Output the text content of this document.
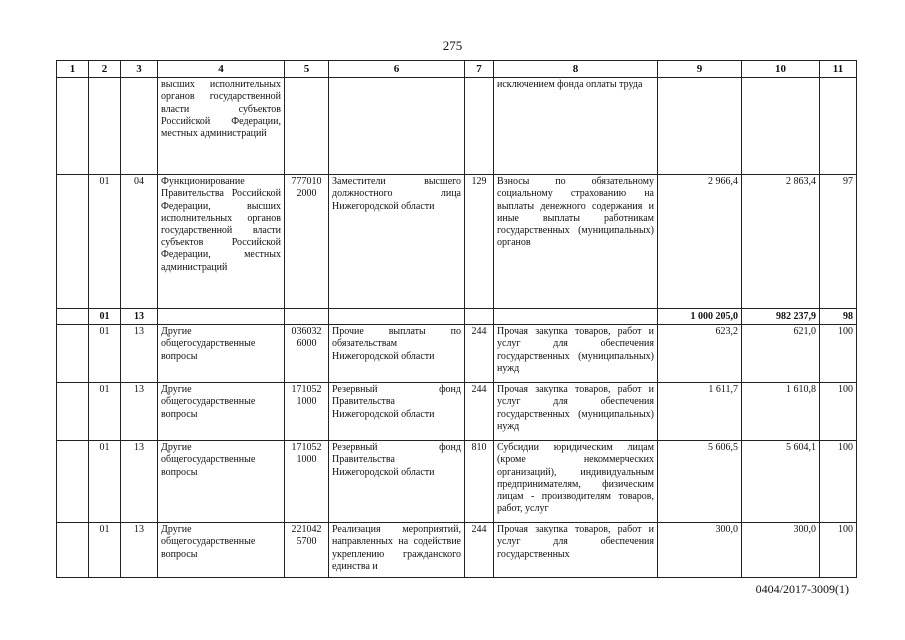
275
1	2	3	4	5	6	7	8	9	10	11
			высших исполнительных органов государственной власти субъектов Российской Федерации, местных администраций				исключением фонда оплаты труда			
	01	04	Функционирование Правительства Российской Федерации, высших исполнительных органов государственной власти субъектов Российской Федерации, местных администраций	777010 2000	Заместители высшего должностного лица Нижегородской области	129	Взносы по обязательному социальному страхованию на выплаты денежного содержания и иные выплаты работникам государственных (муниципальных) органов	2 966,4	2 863,4	97
	01	13						1 000 205,0	982 237,9	98
	01	13	Другие общегосударственные вопросы	036032 6000	Прочие выплаты по обязательствам Нижегородской области	244	Прочая закупка товаров, работ и услуг для обеспечения государственных (муниципальных) нужд	623,2	621,0	100
	01	13	Другие общегосударственные вопросы	171052 1000	Резервный фонд Правительства Нижегородской области	244	Прочая закупка товаров, работ и услуг для обеспечения государственных (муниципальных) нужд	1 611,7	1 610,8	100
	01	13	Другие общегосударственные вопросы	171052 1000	Резервный фонд Правительства Нижегородской области	810	Субсидии юридическим лицам (кроме некоммерческих организаций), индивидуальным предпринимателям, физическим лицам - производителям товаров, работ, услуг	5 606,5	5 604,1	100
	01	13	Другие общегосударственные вопросы	221042 5700	Реализация мероприятий, направленных на содействие укреплению гражданского единства и	244	Прочая закупка товаров, работ и услуг для обеспечения государственных	300,0	300,0	100
0404/2017-3009(1)
